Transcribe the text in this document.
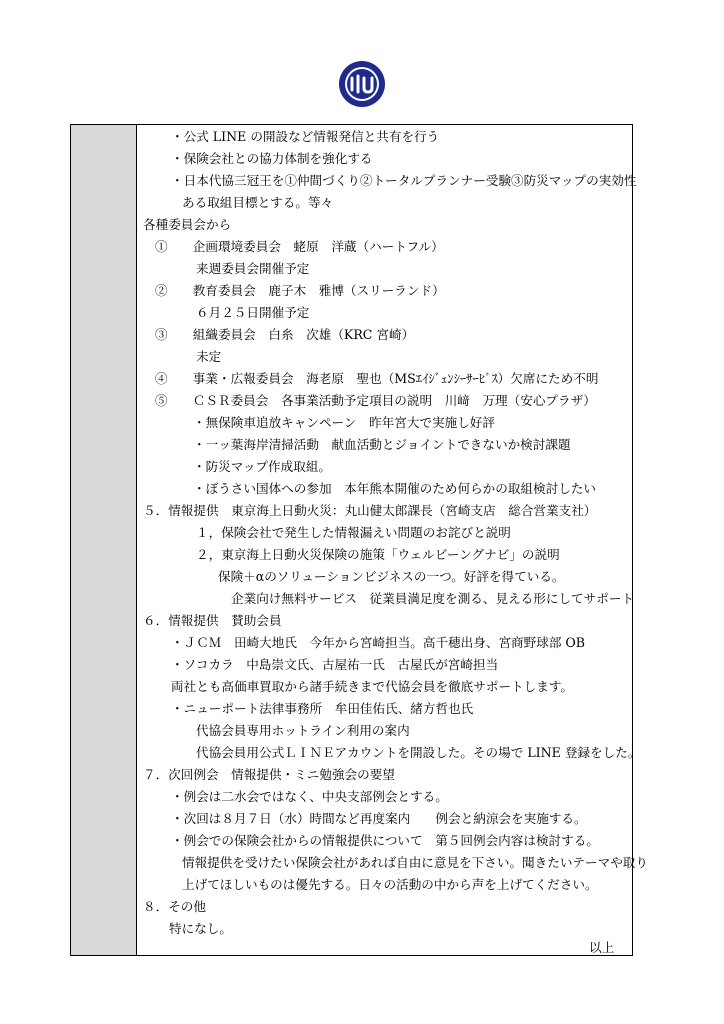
・公式 LINE の開設など情報発信と共有を行う
・保険会社との協力体制を強化する
・日本代協三冠王を①仲間づくり②トータルプランナー受験③防災マップの実効性
ある取組目標とする。等々
各種委員会から
①　　企画環境委員会　蛯原　洋蔵（ハートフル）
来週委員会開催予定
②　　教育委員会　鹿子木　雅博（スリーランド）
６月２５日開催予定
③　　組織委員会　白糸　次雄（KRC 宮崎）
未定
④　　事業・広報委員会　海老原　聖也（MSｴｲｼﾞｪﾝｼｰｻｰﾋﾞｽ）欠席にため不明
⑤　　ＣＳＲ委員会　各事業活動予定項目の説明　川﨑　万理（安心プラザ）
・無保険車追放キャンペーン　昨年宮大で実施し好評
・一ッ葉海岸清掃活動　献血活動とジョイントできないか検討課題
・防災マップ作成取組。
・ぼうさい国体への参加　本年熊本開催のため何らかの取組検討したい
５．情報提供　東京海上日動火災：丸山健太郎課長（宮崎支店　総合営業支社）
１，保険会社で発生した情報漏えい問題のお詫びと説明
２，東京海上日動火災保険の施策「ウェルビーングナビ」の説明
保険＋αのソリューションビジネスの一つ。好評を得ている。
企業向け無料サービス　従業員満足度を測る、見える形にしてサポート
６．情報提供　賛助会員
・ＪＣＭ　田崎大地氏　今年から宮崎担当。高千穂出身、宮商野球部 OB
・ソコカラ　中島崇文氏、古屋祐一氏　古屋氏が宮崎担当
両社とも高価車買取から諸手続きまで代協会員を徹底サポートします。
・ニューポート法律事務所　牟田佳佑氏、緒方哲也氏
代協会員専用ホットライン利用の案内
代協会員用公式ＬＩＮＥアカウントを開設した。その場で LINE 登録をした。
７．次回例会　情報提供・ミニ勉強会の要望
・例会は二水会ではなく、中央支部例会とする。
・次回は８月７日（水）時間など再度案内　　例会と納涼会を実施する。
・例会での保険会社からの情報提供について　第５回例会内容は検討する。
情報提供を受けたい保険会社があれば自由に意見を下さい。聞きたいテーマや取り
上げてほしいものは優先する。日々の活動の中から声を上げてください。
８．その他
特になし。
以上
